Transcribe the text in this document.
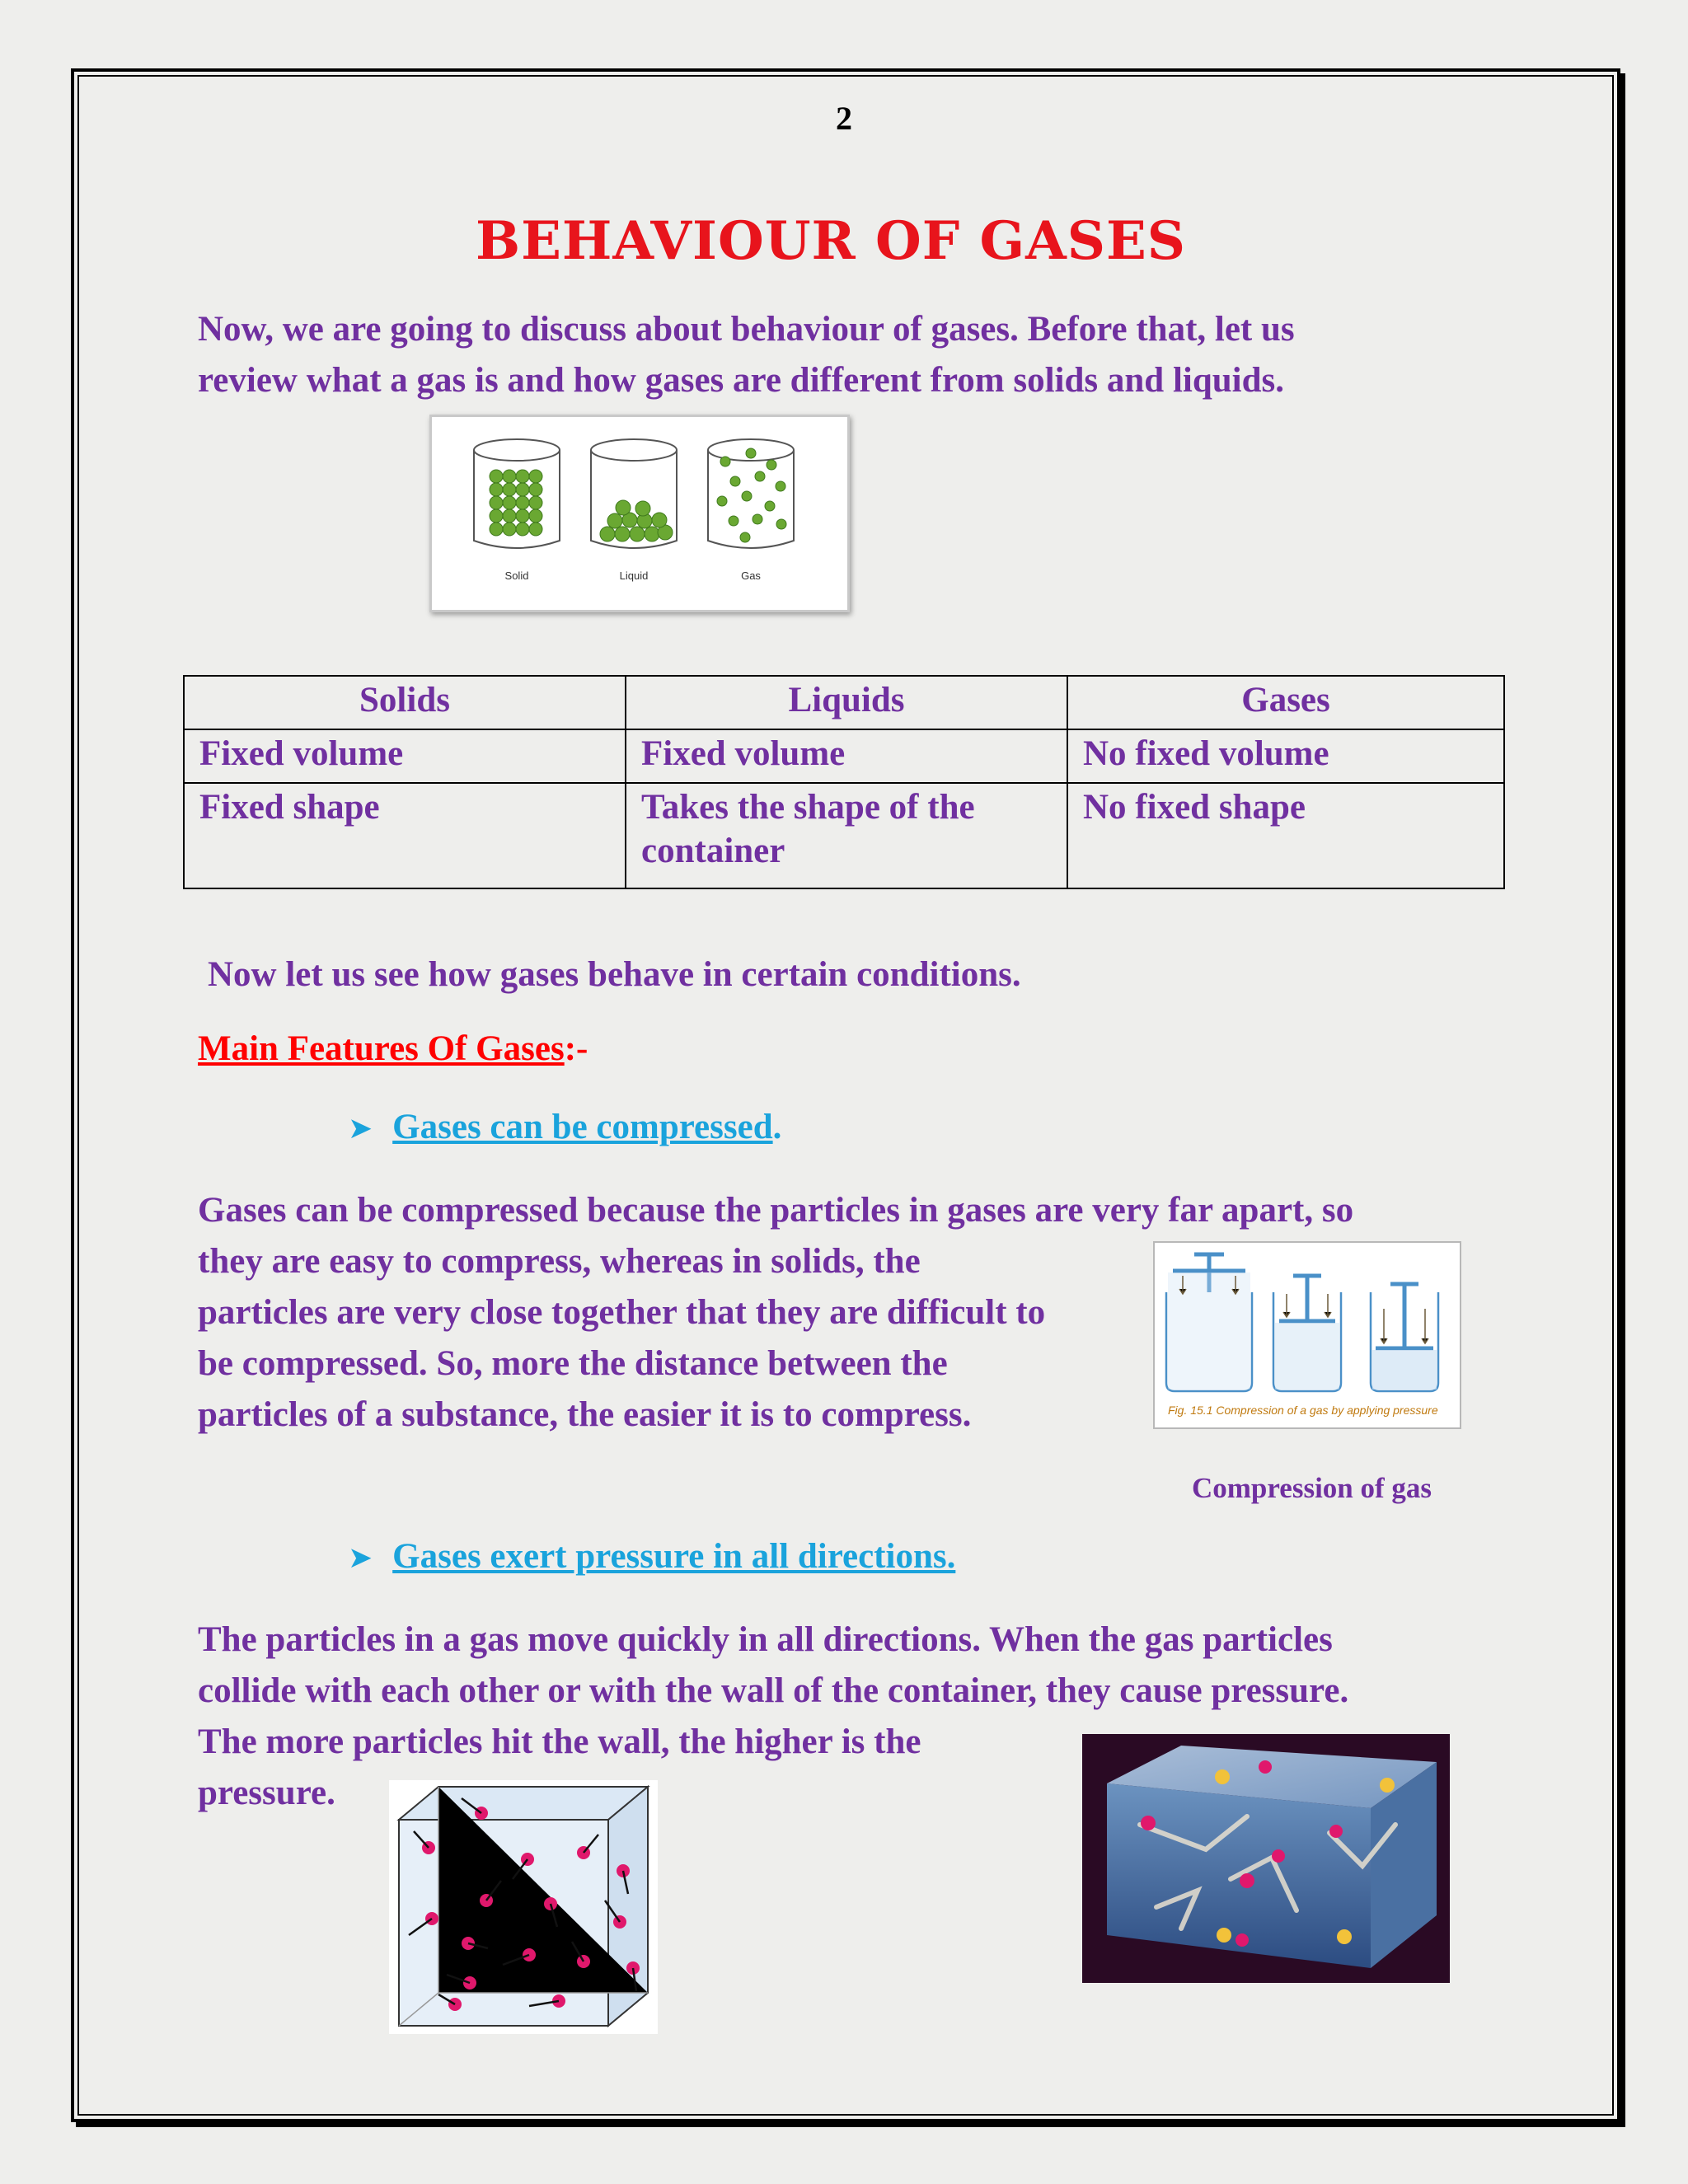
2
BEHAVIOUR OF GASES

Now, we are going to discuss about behaviour of gases. Before that, let us

review what a gas is and how gases are different from solids and liquids.

Solid	Liquid	Gas
Solids	Liquids	Gases
Fixed volume	Fixed volume	No fixed volume
Fixed shape	Takes the shape of the container	No fixed shape

Now let us see how gases behave in certain conditions.

Main Features Of Gases:-
➤ Gases can be compressed.

Gases can be compressed because the particles in gases are very far apart, so

they are easy to compress, whereas in solids, the

particles are very close together that they are difficult to

be compressed. So, more the distance between the

particles of a substance, the easier it is to compress.	Fig. 15.1 Compression of a gas by applying pressure
Compression of gas
➤ Gases exert pressure in all directions.

The particles in a gas move quickly in all directions. When the gas particles

collide with each other or with the wall of the container, they cause pressure.

The more particles hit the wall, the higher is the

pressure.
